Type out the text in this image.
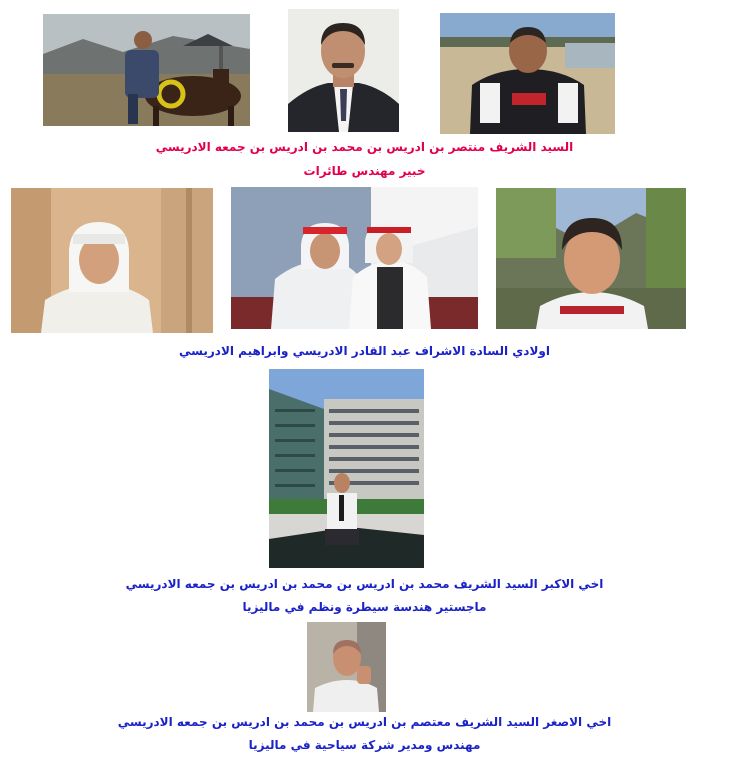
السيد الشريف منتصر بن ادريس بن محمد بن ادريس بن جمعه الادريسي
خبير مهندس طائرات
اولادي السادة الاشراف عبد القادر الادريسي وابراهيم الادريسي
اخي الاكبر السيد الشريف محمد بن ادريس بن محمد بن ادريس بن جمعه الادريسي
ماجستير هندسة سيطرة ونظم في ماليزيا
اخي الاصغر السيد الشريف معتصم بن ادريس بن محمد بن ادريس بن جمعه الادريسي
مهندس ومدير شركة سياحية في ماليزيا
